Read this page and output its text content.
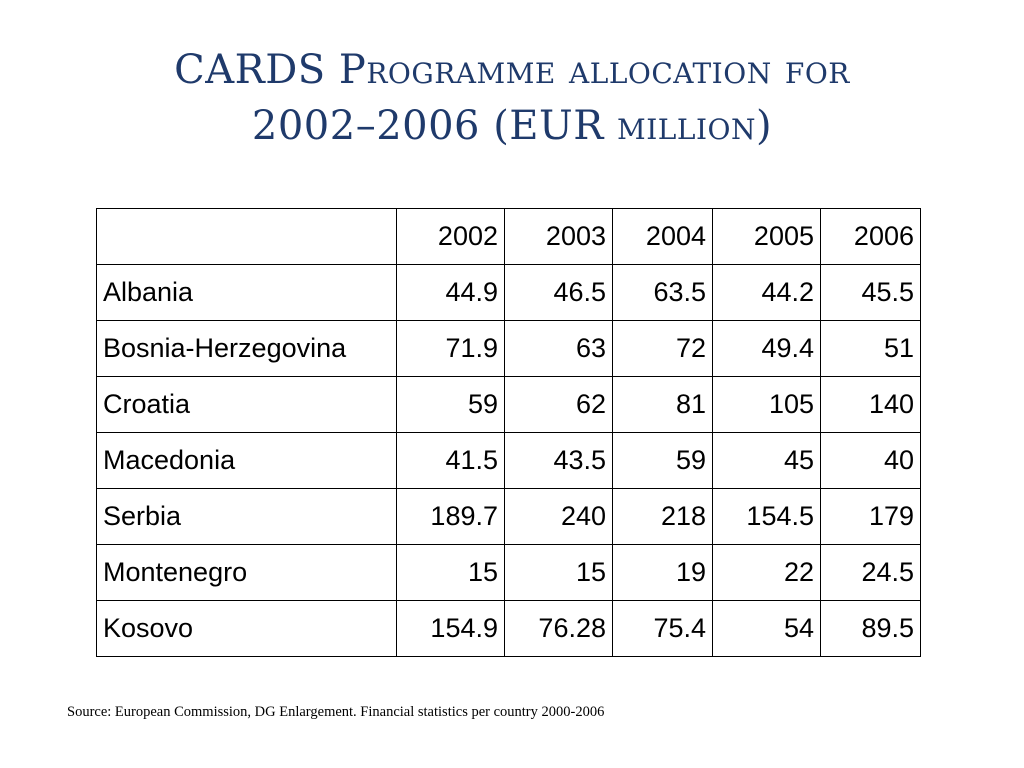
CARDS Programme allocation for
2002–2006 (EUR million)
	2002	2003	2004	2005	2006
Albania	44.9	46.5	63.5	44.2	45.5
Bosnia-Herzegovina	71.9	63	72	49.4	51
Croatia	59	62	81	105	140
Macedonia	41.5	43.5	59	45	40
Serbia	189.7	240	218	154.5	179
Montenegro	15	15	19	22	24.5
Kosovo	154.9	76.28	75.4	54	89.5
Source: European Commission, DG Enlargement. Financial statistics per country 2000-2006
